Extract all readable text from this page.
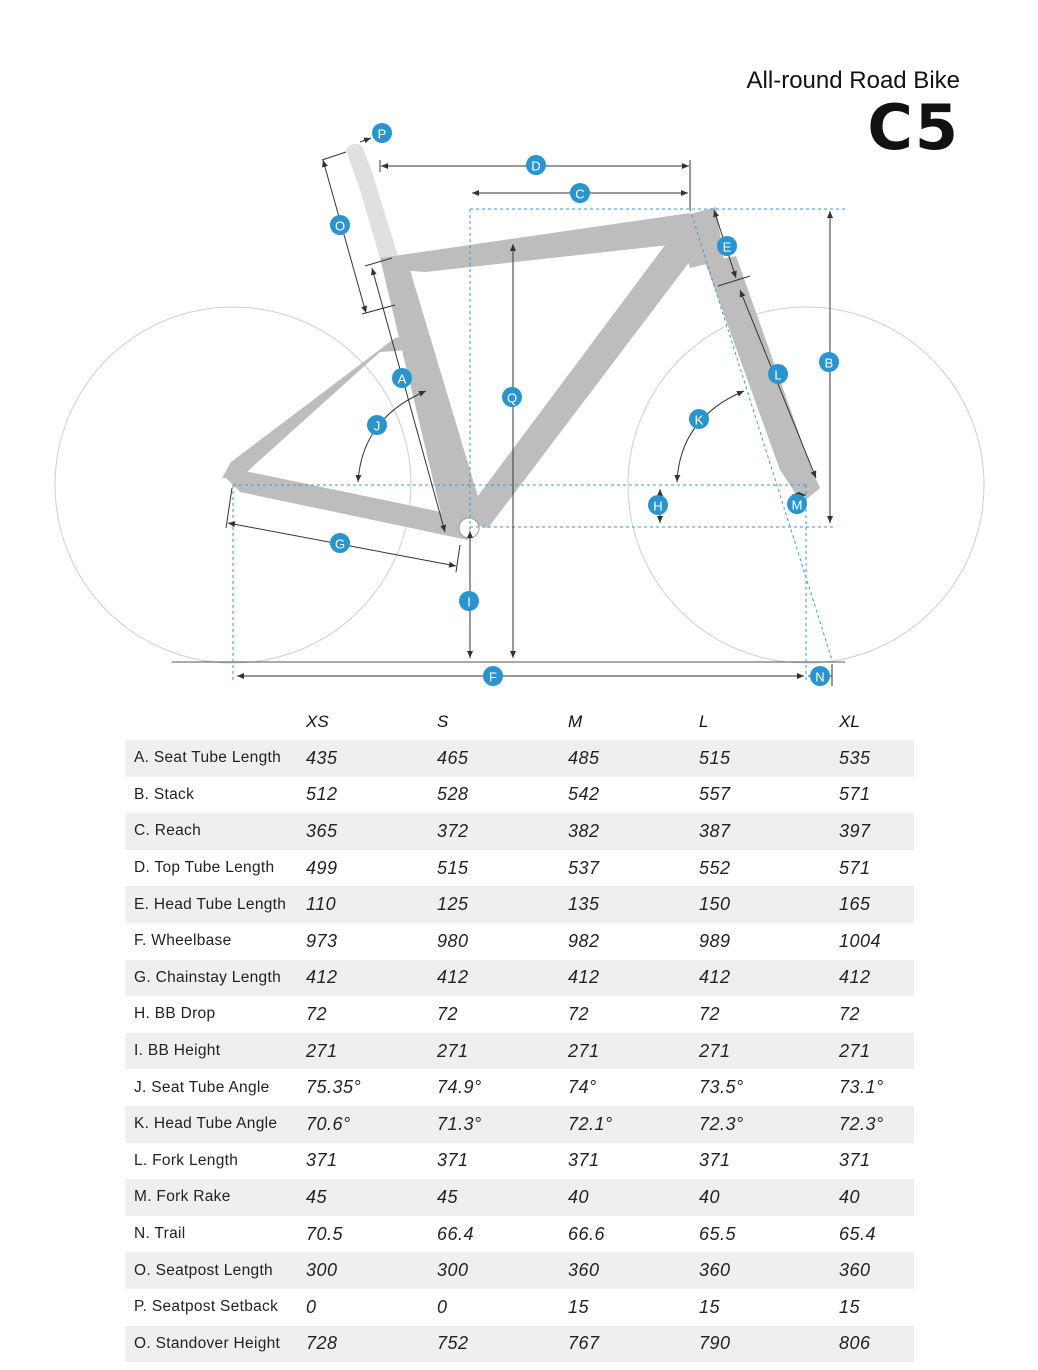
All-round Road Bike
C5
P
D
C
O
E
B
A	L
J
Q
K
H	M
G
I
F	N
	XS	S	M	L	XL	
A. Seat Tube Length	435	465	485	515	535	
B. Stack	512	528	542	557	571	
C. Reach	365	372	382	387	397	
D. Top Tube Length	499	515	537	552	571	
E. Head Tube Length	110	125	135	150	165	
F. Wheelbase	973	980	982	989	1004	
G. Chainstay Length	412	412	412	412	412	
H. BB Drop	72	72	72	72	72	
I. BB Height	271	271	271	271	271	
J. Seat Tube Angle	75.35°	74.9°	74°	73.5°	73.1°	
K. Head Tube Angle	70.6°	71.3°	72.1°	72.3°	72.3°	
L. Fork Length	371	371	371	371	371	
M. Fork Rake	45	45	40	40	40	
N. Trail	70.5	66.4	66.6	65.5	65.4	
O. Seatpost Length	300	300	360	360	360	
P. Seatpost Setback	0	0	15	15	15	
O. Standover Height	728	752	767	790	806	
